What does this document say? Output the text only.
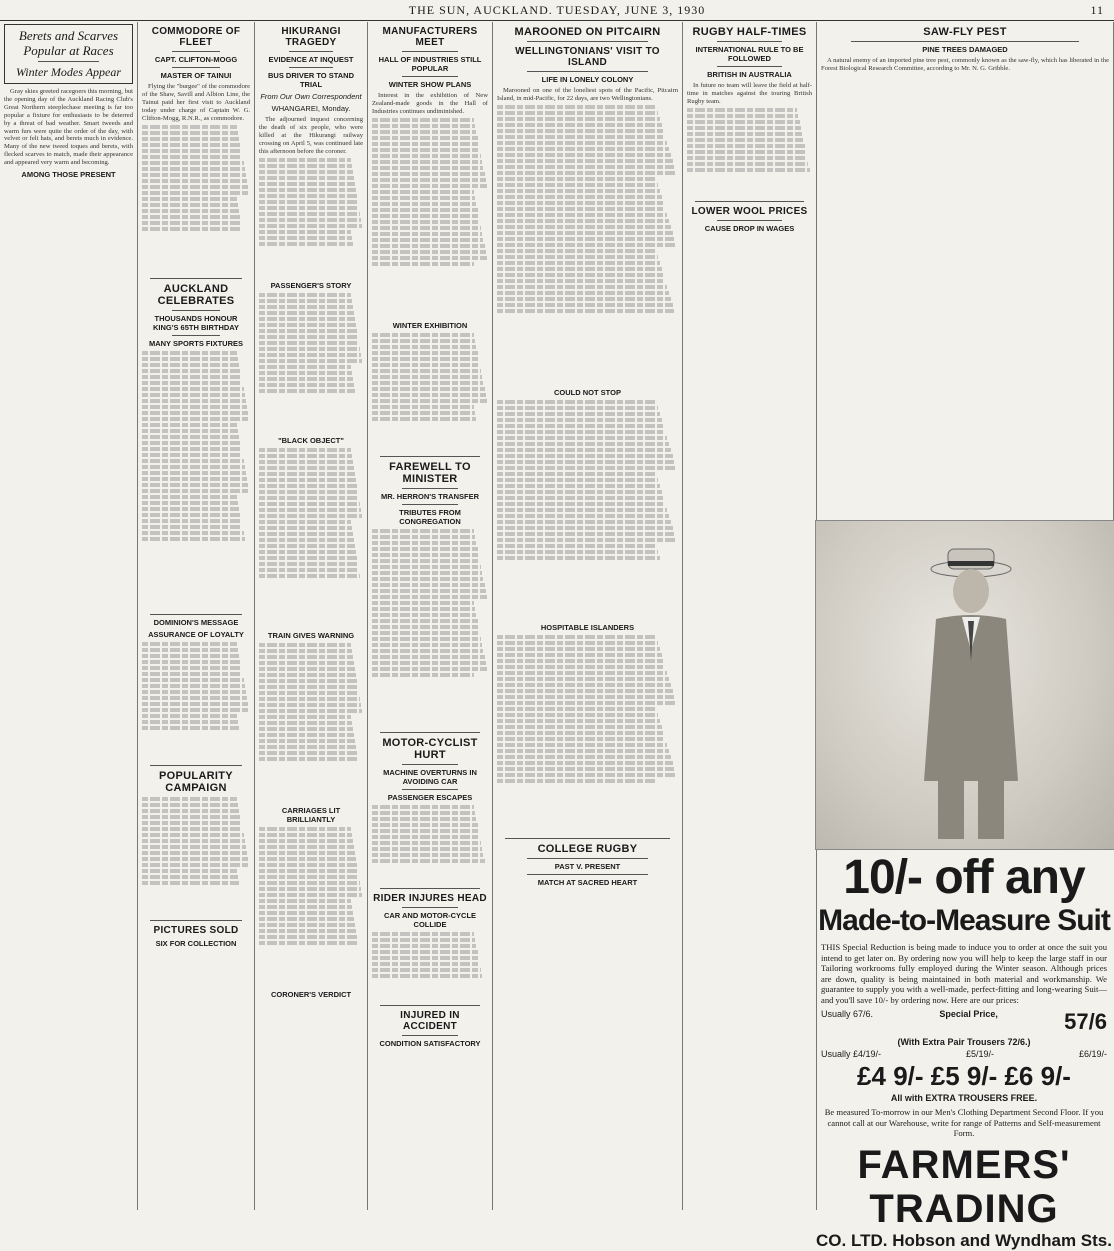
THE SUN, AUCKLAND. TUESDAY, JUNE 3, 1930	11
Berets and Scarves Popular at Races
Winter Modes Appear

Gray skies greeted racegoers this morning, but the opening day of the Auckland Racing Club's Great Northern steeplechase meeting is far too popular a fixture for enthusiasts to be deterred by a threat of bad weather. Smart tweeds and warm furs were quite the order of the day, with velvet or felt hats, and berets much in evidence. Many of the new tweed toques and berets, with flecked scarves to match, made their appearance and appeared very warm and becoming.

AMONG THOSE PRESENT
COMMODORE OF FLEET
CAPT. CLIFTON-MOGG
MASTER OF TAINUI

Flying the "burgee" of the commodore of the Shaw, Savill and Albion Line, the Tainui paid her first visit to Auckland today under charge of Captain W. G. Clifton-Mogg, R.N.R., as commodore.

AUCKLAND CELEBRATES
THOUSANDS HONOUR KING'S 65TH BIRTHDAY
MANY SPORTS FIXTURES
DOMINION'S MESSAGE
ASSURANCE OF LOYALTY
POPULARITY CAMPAIGN
PICTURES SOLD
SIX FOR COLLECTION
HIKURANGI TRAGEDY
EVIDENCE AT INQUEST
BUS DRIVER TO STAND TRIAL
From Our Own Correspondent
WHANGAREI, Monday.

The adjourned inquest concerning the death of six people, who were killed at the Hikurangi railway crossing on April 5, was continued late this afternoon before the coroner.

PASSENGER'S STORY
"BLACK OBJECT"
TRAIN GIVES WARNING
CARRIAGES LIT BRILLIANTLY
CORONER'S VERDICT
MANUFACTURERS MEET
HALL OF INDUSTRIES STILL POPULAR
WINTER SHOW PLANS

Interest in the exhibition of New Zealand-made goods in the Hall of Industries continues undiminished.

WINTER EXHIBITION
FAREWELL TO MINISTER
MR. HERRON'S TRANSFER
TRIBUTES FROM CONGREGATION
MOTOR-CYCLIST HURT
MACHINE OVERTURNS IN AVOIDING CAR
PASSENGER ESCAPES
RIDER INJURES HEAD
CAR AND MOTOR-CYCLE COLLIDE
INJURED IN ACCIDENT
CONDITION SATISFACTORY
MAROONED ON PITCAIRN
WELLINGTONIANS' VISIT TO ISLAND
LIFE IN LONELY COLONY

Marooned on one of the loneliest spots of the Pacific, Pitcairn Island, in mid-Pacific, for 22 days, are two Wellingtonians.

COULD NOT STOP
HOSPITABLE ISLANDERS
COLLEGE RUGBY
PAST V. PRESENT
MATCH AT SACRED HEART
RUGBY HALF-TIMES
INTERNATIONAL RULE TO BE FOLLOWED
BRITISH IN AUSTRALIA

In future no team will leave the field at half-time in matches against the touring British Rugby team.

LOWER WOOL PRICES
CAUSE DROP IN WAGES
SAW-FLY PEST
PINE TREES DAMAGED

A natural enemy of an imported pine tree pest, commonly known as the saw-fly, which has liberated in the Forest Biological Research Committee, according to Mr. N. G. Gribble.

10/- off any
Made-to-Measure Suit
THIS Special Reduction is being made to induce you to order at once the suit you intend to get later on. By ordering now you will help to keep the large staff in our Tailoring workrooms fully employed during the Winter season. Although prices are down, quality is being maintained in both material and workmanship. We guarantee to supply you with a well-made, perfect-fitting and long-wearing Suit—and you'll save 10/- by ordering now. Here are our prices:
Usually 67/6.	Special Price,	57/6
(With Extra Pair Trousers 72/6.)
Usually £4/19/-	£5/19/-	£6/19/-
£4 9/- £5 9/- £6 9/-
All with EXTRA TROUSERS FREE.
Be measured To-morrow in our Men's Clothing Department Second Floor. If you cannot call at our Warehouse, write for range of Patterns and Self-measurement Form.
FARMERS' TRADING
CO. LTD. Hobson and Wyndham Sts.
